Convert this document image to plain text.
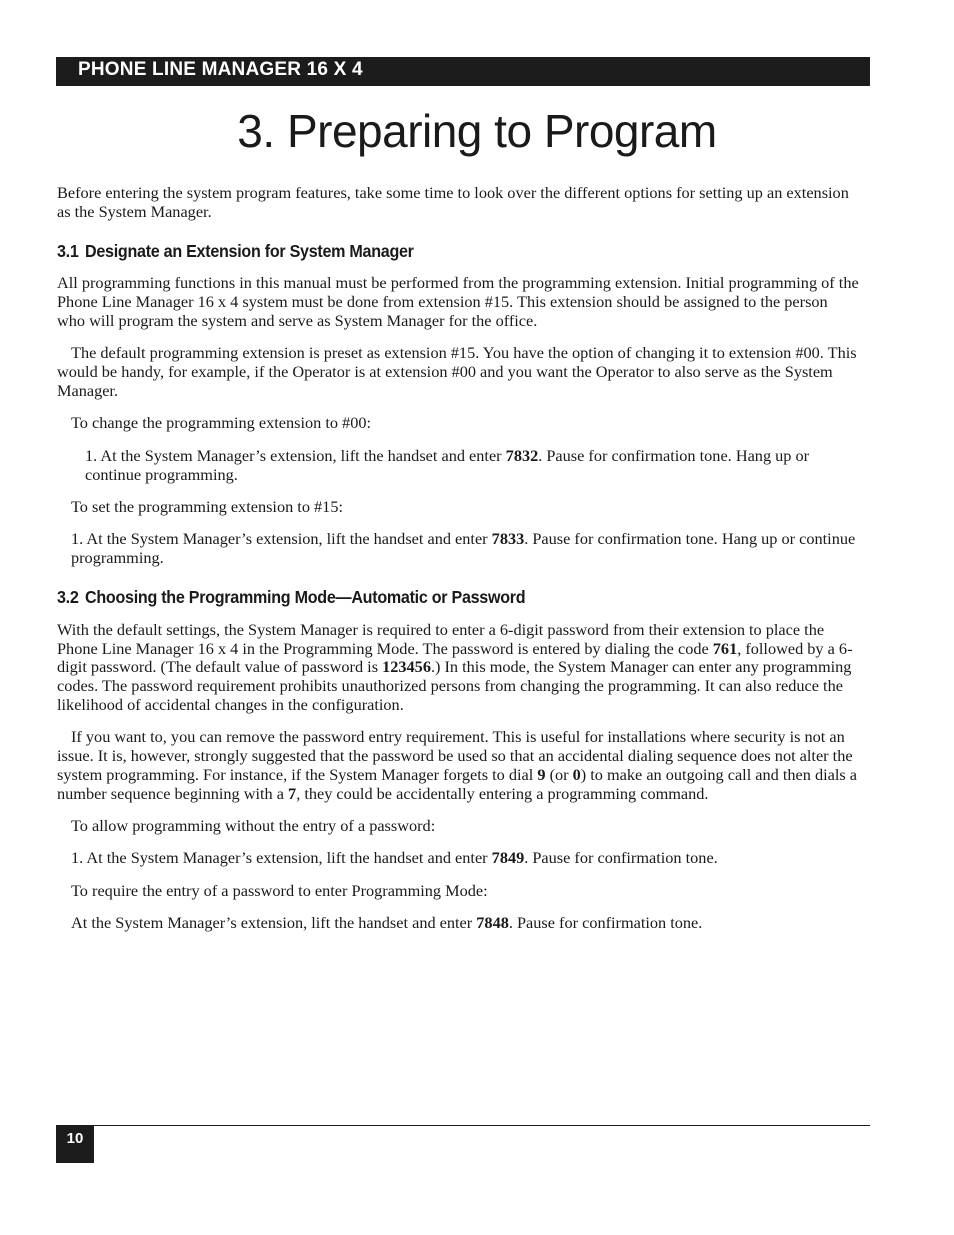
PHONE LINE MANAGER 16 X 4
3. Preparing to Program

Before entering the system program features, take some time to look over the different options for setting up an extension as the System Manager.

3.1 Designate an Extension for System Manager

All programming functions in this manual must be performed from the programming extension. Initial programming of the Phone Line Manager 16 x 4 system must be done from extension #15. This extension should be assigned to the person who will program the system and serve as System Manager for the office.

The default programming extension is preset as extension #15. You have the option of changing it to extension #00. This would be handy, for example, if the Operator is at extension #00 and you want the Operator to also serve as the System Manager.

To change the programming extension to #00:

1. At the System Manager’s extension, lift the handset and enter 7832. Pause for confirmation tone. Hang up or continue programming.

To set the programming extension to #15:

1. At the System Manager’s extension, lift the handset and enter 7833. Pause for confirmation tone. Hang up or continue programming.

3.2 Choosing the Programming Mode—Automatic or Password

With the default settings, the System Manager is required to enter a 6-digit password from their extension to place the Phone Line Manager 16 x 4 in the Programming Mode. The password is entered by dialing the code 761, followed by a 6-digit password. (The default value of password is 123456.) In this mode, the System Manager can enter any programming codes. The password requirement prohibits unauthorized persons from changing the programming. It can also reduce the likelihood of accidental changes in the configuration.

If you want to, you can remove the password entry requirement. This is useful for installations where security is not an issue. It is, however, strongly suggested that the password be used so that an accidental dialing sequence does not alter the system programming. For instance, if the System Manager forgets to dial 9 (or 0) to make an outgoing call and then dials a number sequence beginning with a 7, they could be accidentally entering a programming command.

To allow programming without the entry of a password:

1. At the System Manager’s extension, lift the handset and enter 7849. Pause for confirmation tone.

To require the entry of a password to enter Programming Mode:

At the System Manager’s extension, lift the handset and enter 7848. Pause for confirmation tone.

10
